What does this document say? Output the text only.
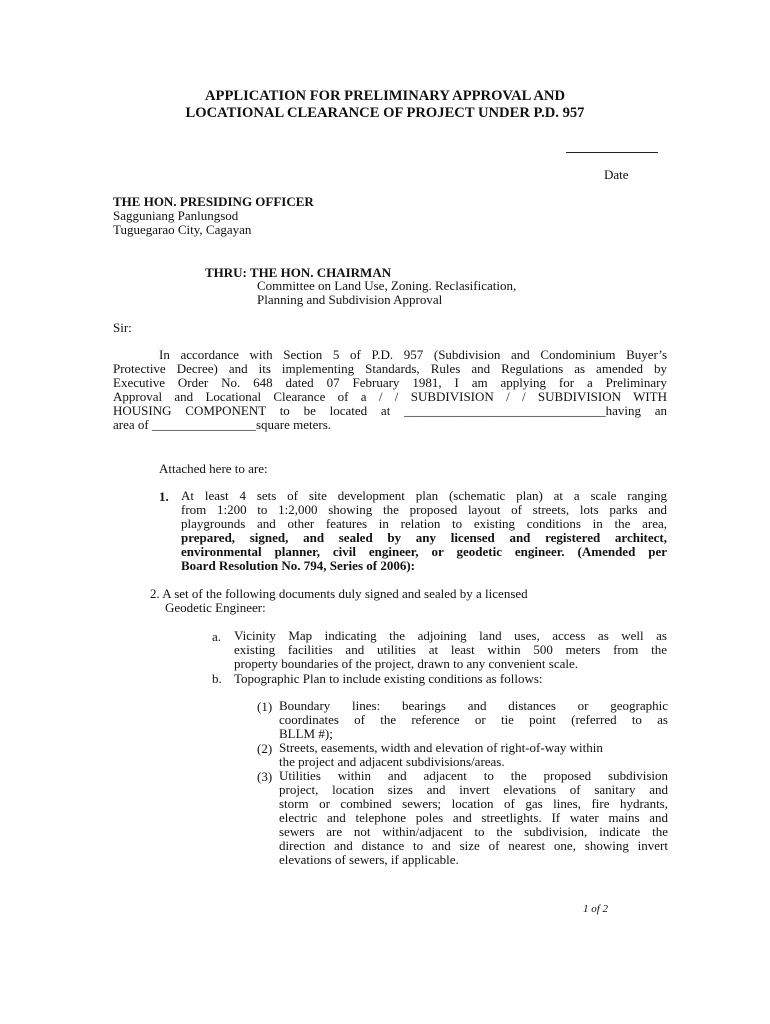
APPLICATION FOR PRELIMINARY APPROVAL AND
LOCATIONAL CLEARANCE OF PROJECT UNDER P.D. 957
Date
THE HON. PRESIDING OFFICER
Sagguniang Panlungsod
Tuguegarao City, Cagayan
THRU: THE HON. CHAIRMAN
Committee on Land Use, Zoning. Reclasification,
Planning and Subdivision Approval
Sir:
In accordance with Section 5 of P.D. 957 (Subdivision and Condominium Buyer’s
Protective Decree) and its implementing Standards, Rules and Regulations as amended by
Executive Order No. 648 dated 07 February 1981, I am applying for a Preliminary
Approval and Locational Clearance of a / / SUBDIVISION / / SUBDIVISION WITH
HOUSING COMPONENT to be located at _______________________________having an
area of ________________square meters.
Attached here to are:
1. At least 4 sets of site development plan (schematic plan) at a scale ranging
from 1:200 to 1:2,000 showing the proposed layout of streets, lots parks and
playgrounds and other features in relation to existing conditions in the area,
prepared, signed, and sealed by any licensed and registered architect,
environmental planner, civil engineer, or geodetic engineer. (Amended per
Board Resolution No. 794, Series of 2006):
2. A set of the following documents duly signed and sealed by a licensed
Geodetic Engineer:
a. Vicinity Map indicating the adjoining land uses, access as well as
existing facilities and utilities at least within 500 meters from the
property boundaries of the project, drawn to any convenient scale.
b. Topographic Plan to include existing conditions as follows:
(1) Boundary lines: bearings and distances or geographic
coordinates of the reference or tie point (referred to as
BLLM #);
(2) Streets, easements, width and elevation of right-of-way within
the project and adjacent subdivisions/areas.
(3) Utilities within and adjacent to the proposed subdivision
project, location sizes and invert elevations of sanitary and
storm or combined sewers; location of gas lines, fire hydrants,
electric and telephone poles and streetlights. If water mains and
sewers are not within/adjacent to the subdivision, indicate the
direction and distance to and size of nearest one, showing invert
elevations of sewers, if applicable.
1 of 2
